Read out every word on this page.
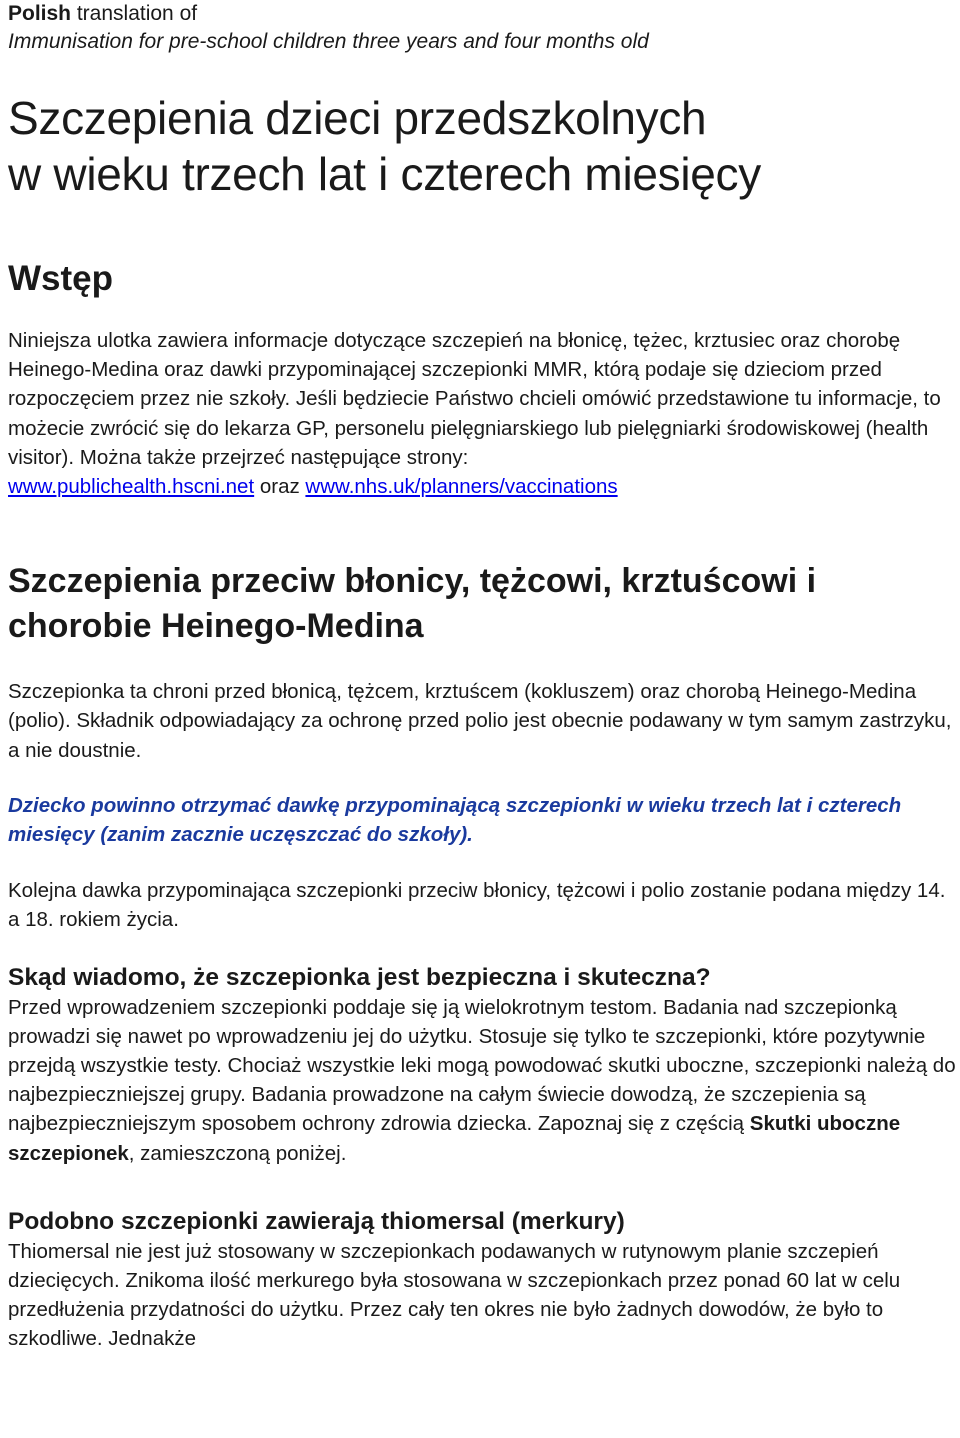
Polish translation of
Immunisation for pre-school children three years and four months old
Szczepienia dzieci przedszkolnych
w wieku trzech lat i czterech miesięcy
Wstęp

Niniejsza ulotka zawiera informacje dotyczące szczepień na błonicę, tężec, krztusiec oraz chorobę Heinego-Medina oraz dawki przypominającej szczepionki MMR, którą podaje się dzieciom przed rozpoczęciem przez nie szkoły. Jeśli będziecie Państwo chcieli omówić przedstawione tu informacje, to możecie zwrócić się do lekarza GP, personelu pielęgniarskiego lub pielęgniarki środowiskowej (health visitor). Można także przejrzeć następujące strony:
www.publichealth.hscni.net oraz www.nhs.uk/planners/vaccinations

Szczepienia przeciw błonicy, tężcowi, krztuścowi i chorobie Heinego-Medina

Szczepionka ta chroni przed błonicą, tężcem, krztuścem (kokluszem) oraz chorobą Heinego-Medina (polio). Składnik odpowiadający za ochronę przed polio jest obecnie podawany w tym samym zastrzyku, a nie doustnie.

Dziecko powinno otrzymać dawkę przypominającą szczepionki w wieku trzech lat i czterech miesięcy (zanim zacznie uczęszczać do szkoły).

Kolejna dawka przypominająca szczepionki przeciw błonicy, tężcowi i polio zostanie podana między 14. a 18. rokiem życia.

Skąd wiadomo, że szczepionka jest bezpieczna i skuteczna?

Przed wprowadzeniem szczepionki poddaje się ją wielokrotnym testom. Badania nad szczepionką prowadzi się nawet po wprowadzeniu jej do użytku. Stosuje się tylko te szczepionki, które pozytywnie przejdą wszystkie testy. Chociaż wszystkie leki mogą powodować skutki uboczne, szczepionki należą do najbezpieczniejszej grupy. Badania prowadzone na całym świecie dowodzą, że szczepienia są najbezpieczniejszym sposobem ochrony zdrowia dziecka. Zapoznaj się z częścią Skutki uboczne szczepionek, zamieszczoną poniżej.

Podobno szczepionki zawierają thiomersal (merkury)

Thiomersal nie jest już stosowany w szczepionkach podawanych w rutynowym planie szczepień dziecięcych. Znikoma ilość merkurego była stosowana w szczepionkach przez ponad 60 lat w celu przedłużenia przydatności do użytku. Przez cały ten okres nie było żadnych dowodów, że było to szkodliwe. Jednakże
